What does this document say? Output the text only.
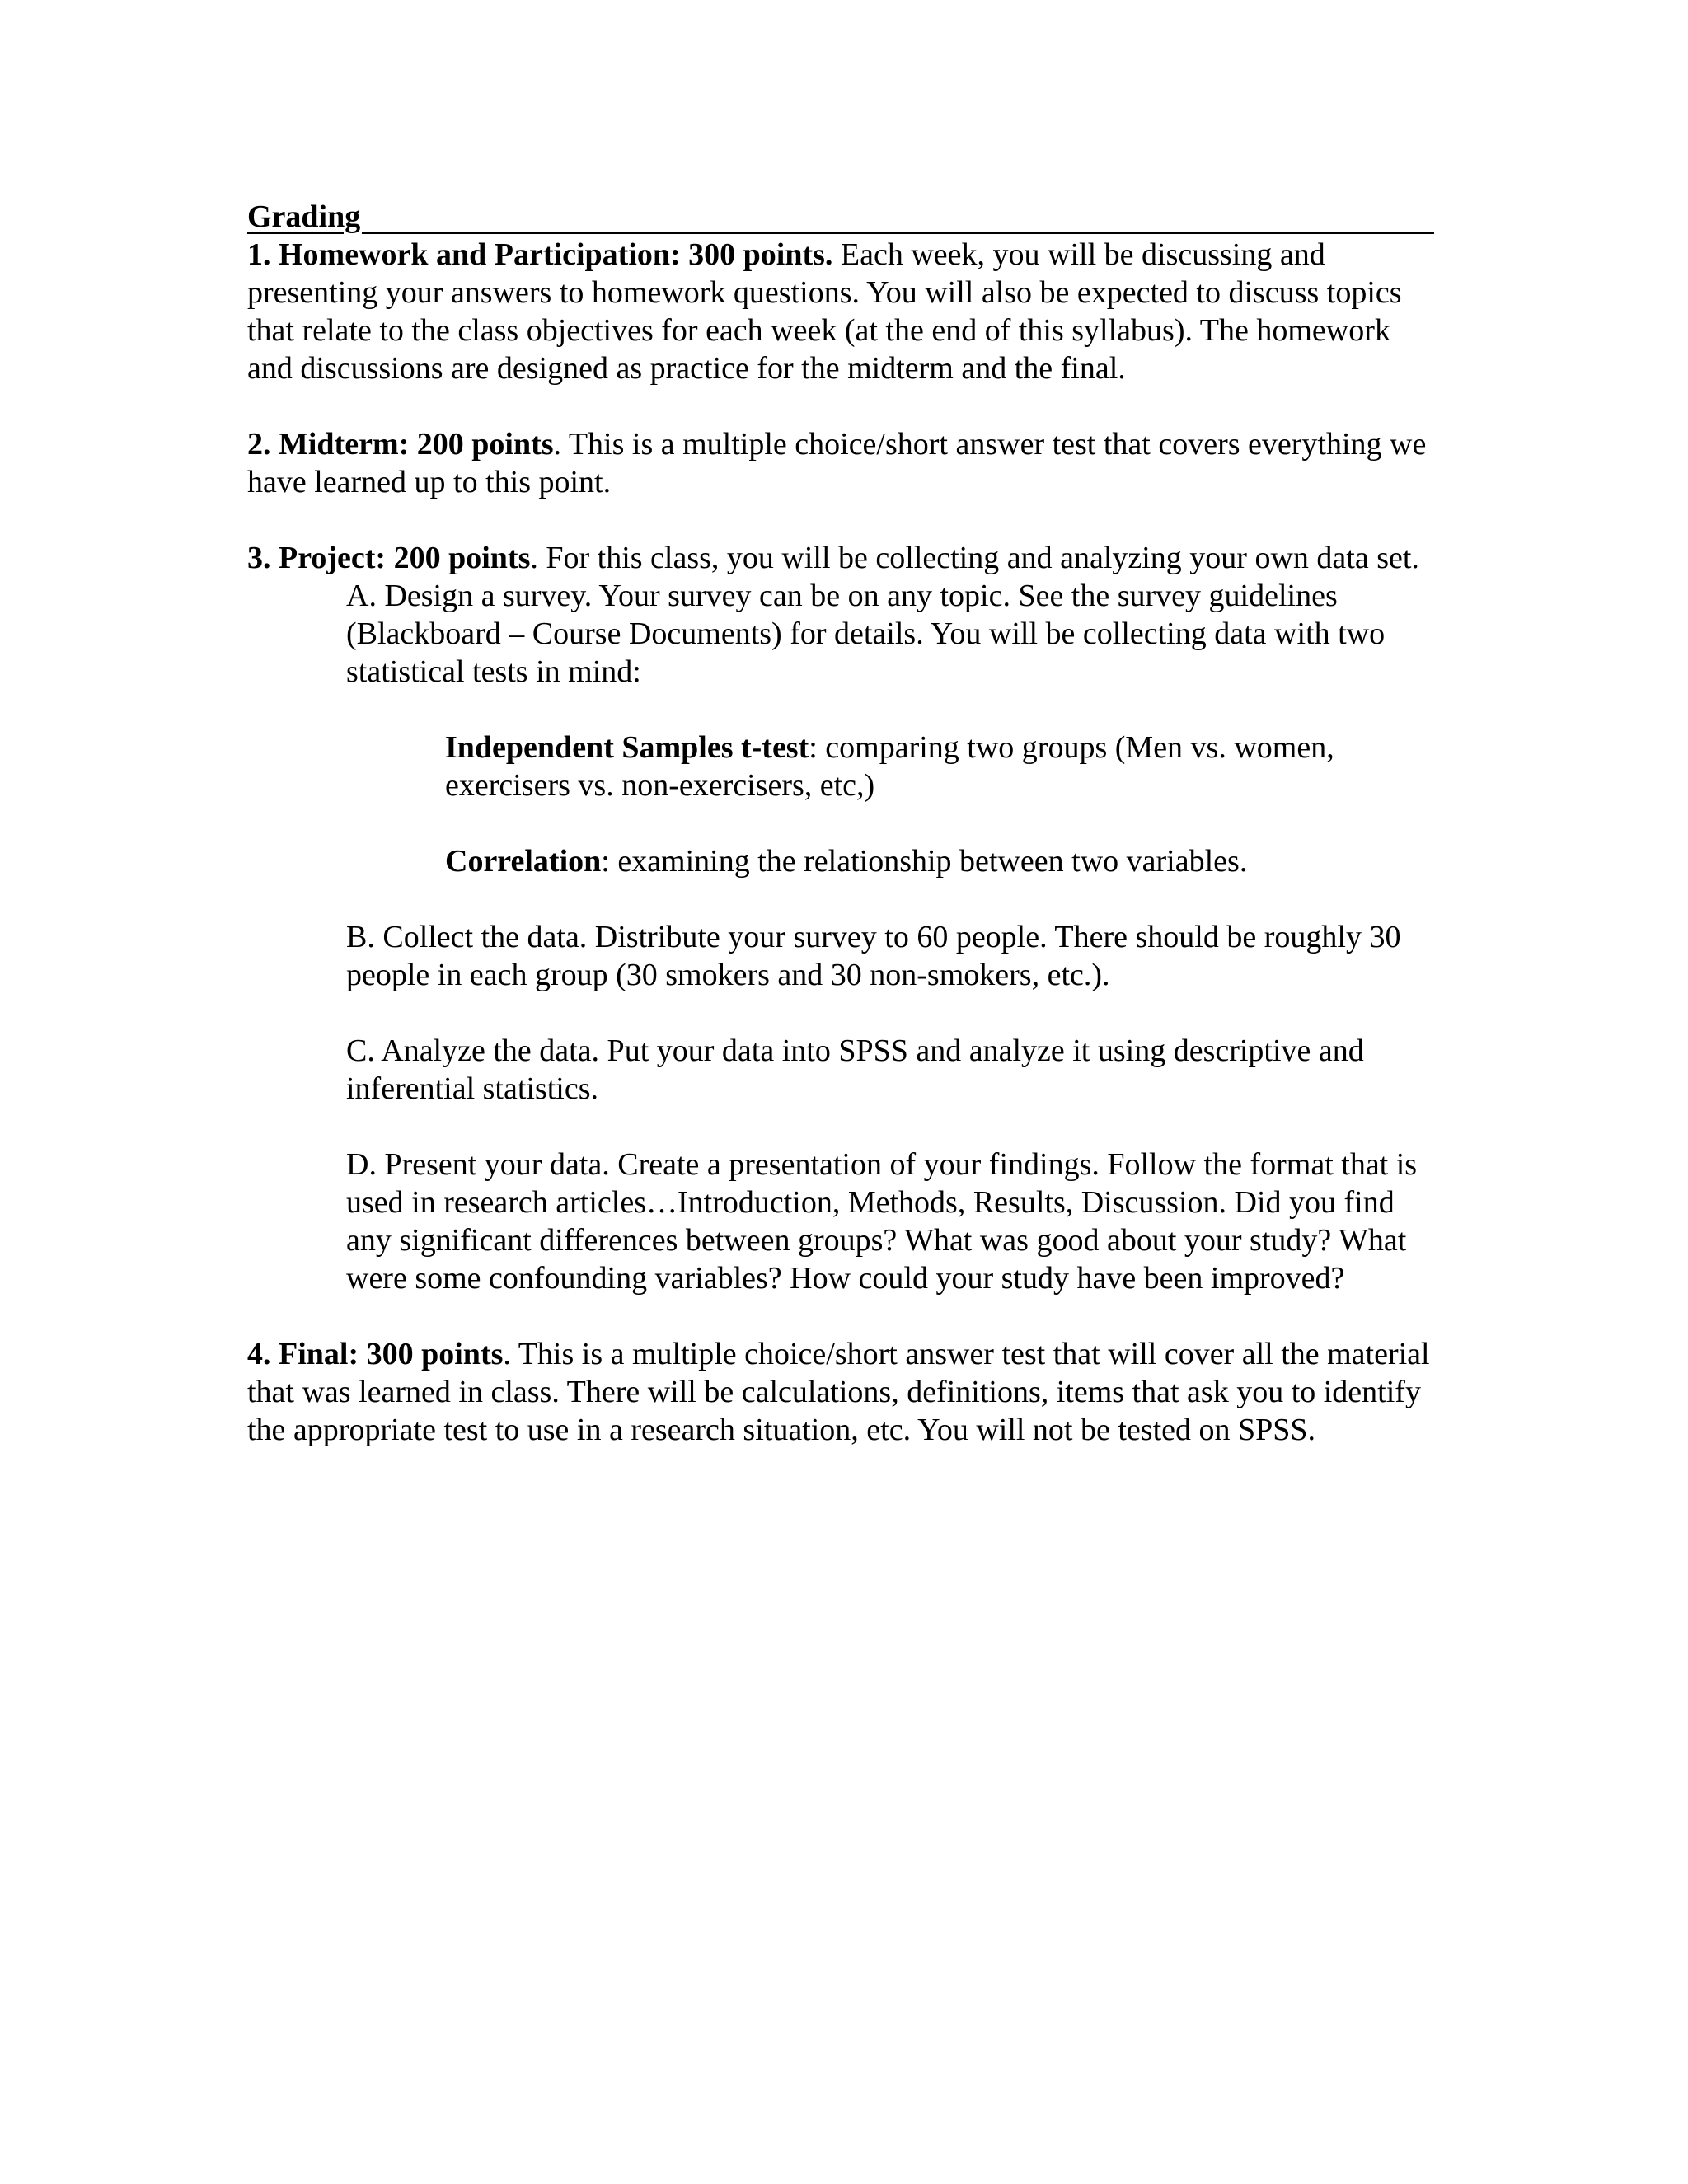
Grading

1. Homework and Participation: 300 points. Each week, you will be discussing and presenting your answers to homework questions. You will also be expected to discuss topics that relate to the class objectives for each week (at the end of this syllabus). The homework and discussions are designed as practice for the midterm and the final.

2. Midterm: 200 points. This is a multiple choice/short answer test that covers everything we have learned up to this point.

3. Project: 200 points. For this class, you will be collecting and analyzing your own data set.

A. Design a survey. Your survey can be on any topic. See the survey guidelines (Blackboard – Course Documents) for details. You will be collecting data with two statistical tests in mind:

Independent Samples t-test: comparing two groups (Men vs. women, exercisers vs. non-exercisers, etc,)

Correlation: examining the relationship between two variables.

B. Collect the data. Distribute your survey to 60 people. There should be roughly 30 people in each group (30 smokers and 30 non-smokers, etc.).

C. Analyze the data. Put your data into SPSS and analyze it using descriptive and inferential statistics.

D. Present your data. Create a presentation of your findings. Follow the format that is used in research articles…Introduction, Methods, Results, Discussion. Did you find any significant differences between groups? What was good about your study? What were some confounding variables? How could your study have been improved?

4. Final: 300 points. This is a multiple choice/short answer test that will cover all the material that was learned in class. There will be calculations, definitions, items that ask you to identify the appropriate test to use in a research situation, etc. You will not be tested on SPSS.
